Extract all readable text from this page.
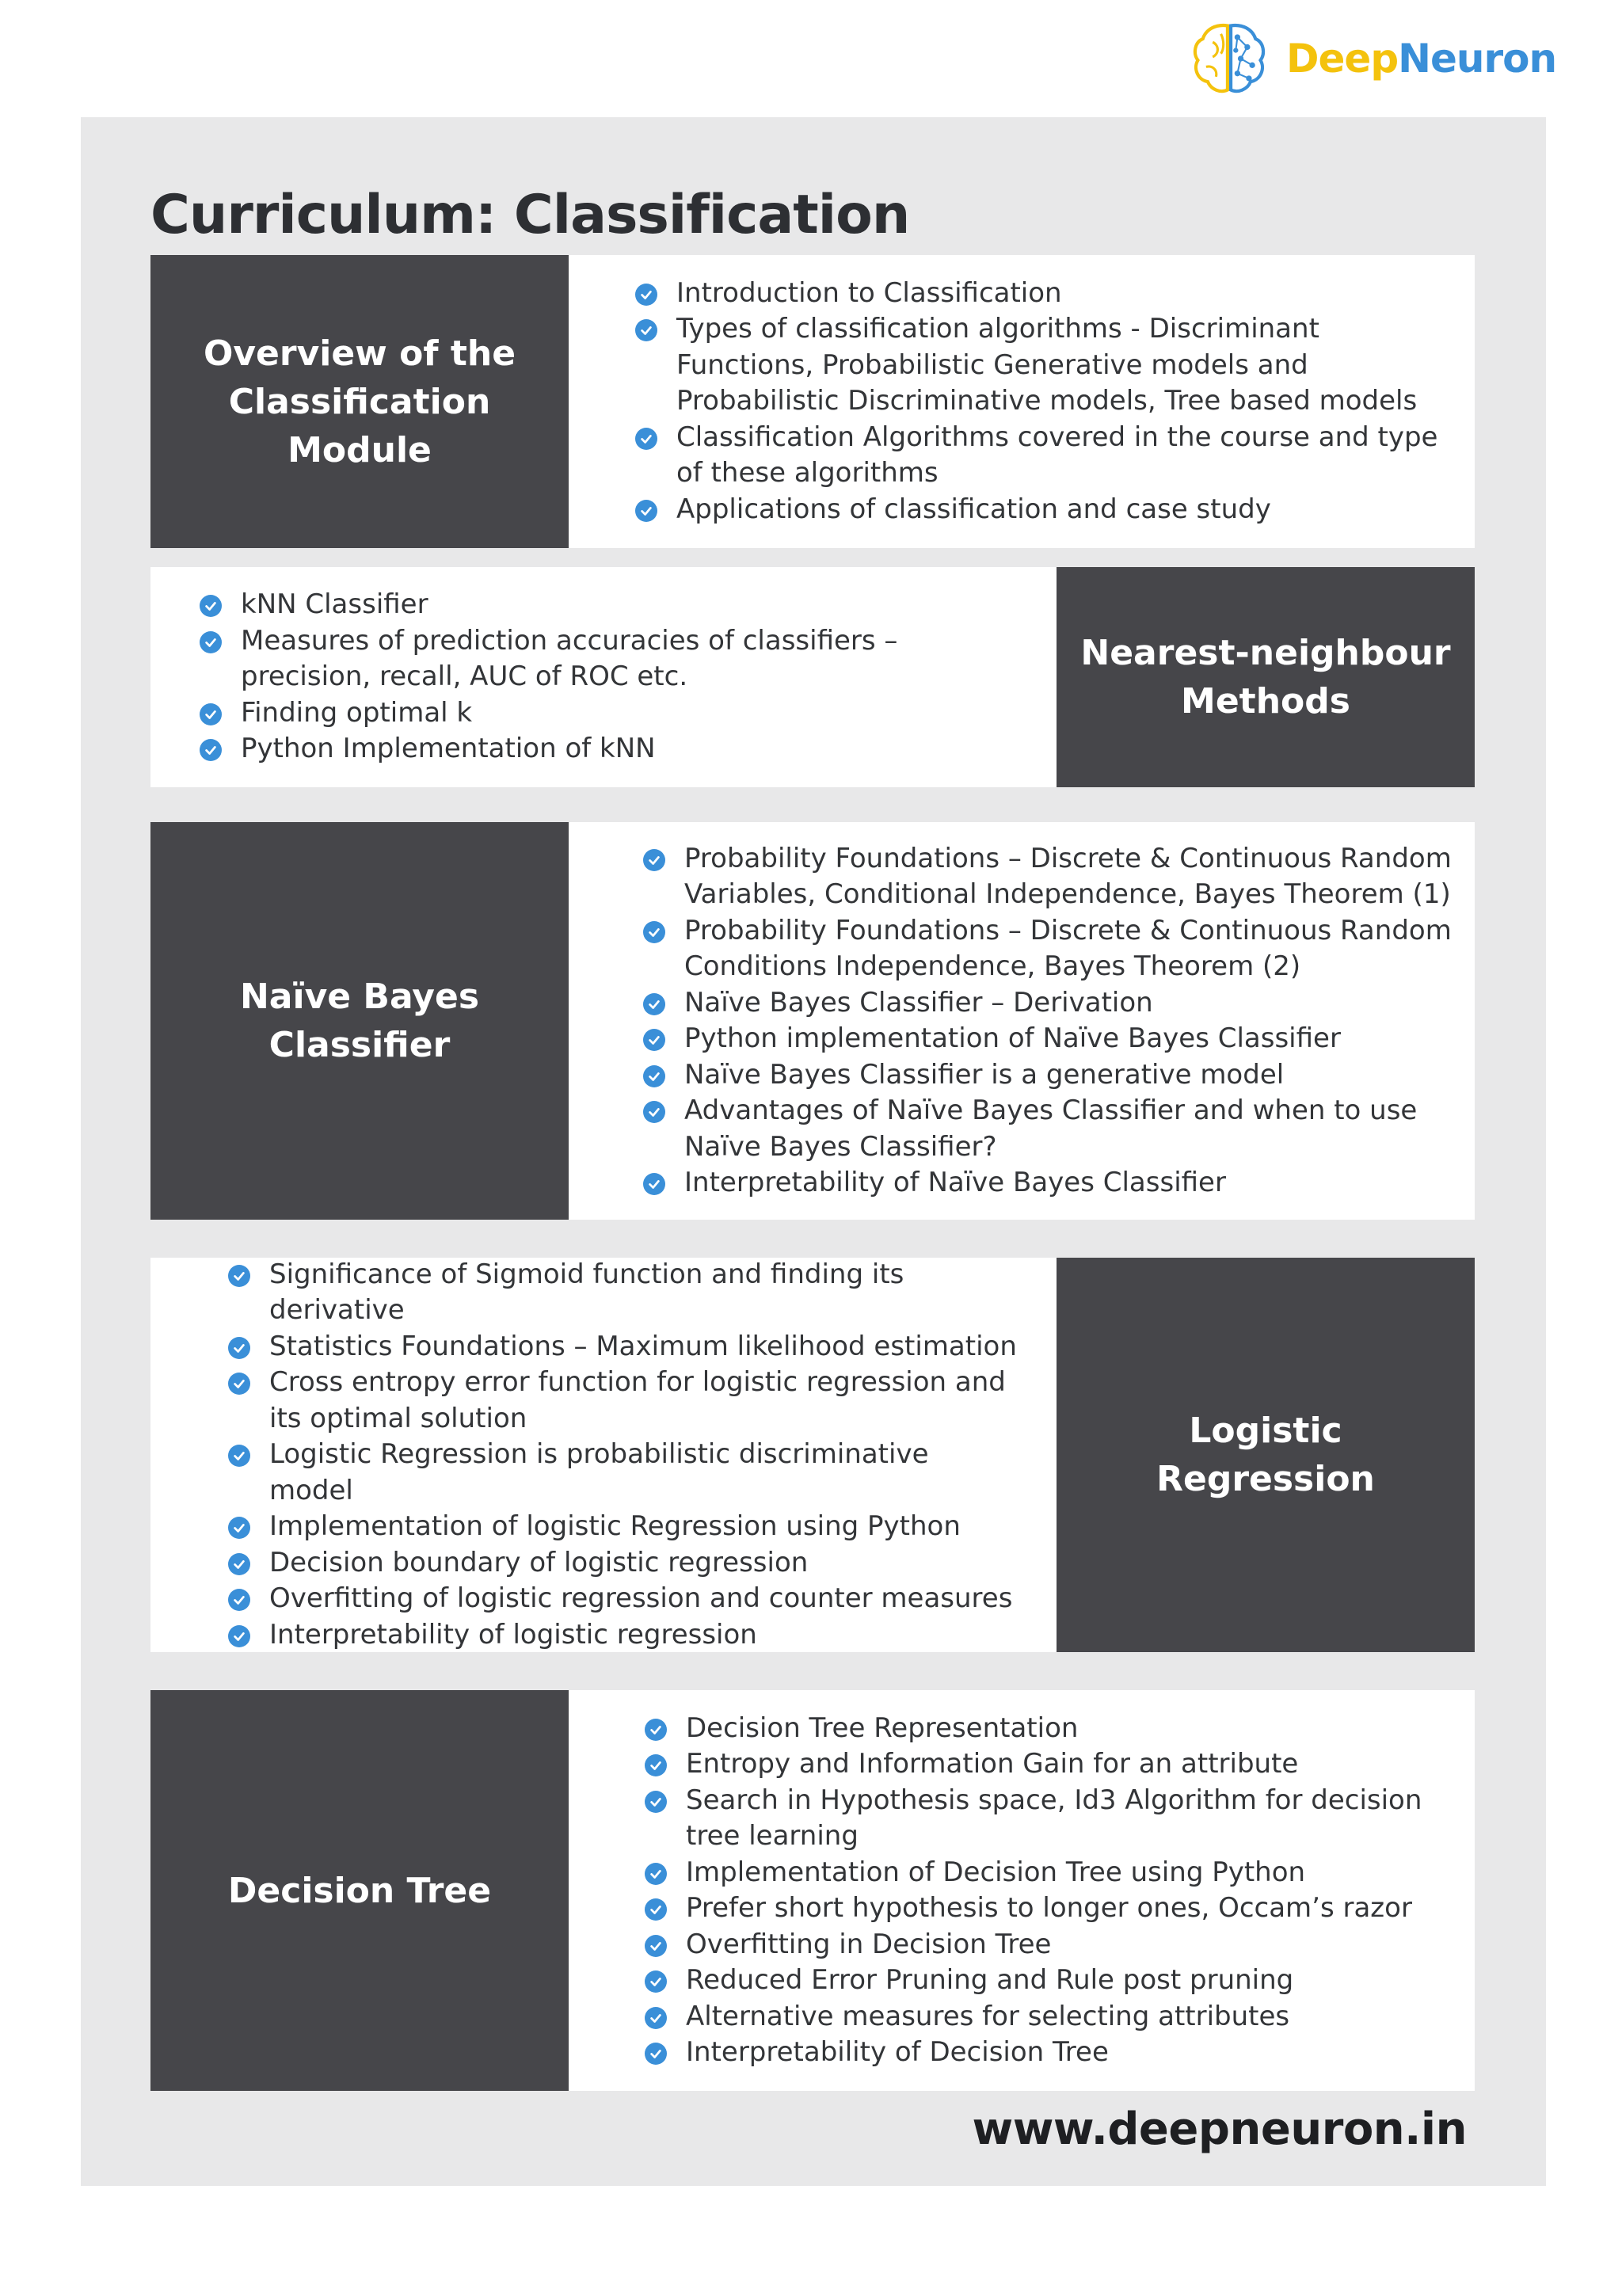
DeepNeuron
Curriculum: Classification
Overview of the
Classification
Module
Introduction to Classification
Types of classification algorithms - Discriminant Functions, Probabilistic Generative models and Probabilistic Discriminative models, Tree based models
Classification Algorithms covered in the course and type of these algorithms
Applications of classification and case study
Nearest-neighbour
Methods
kNN Classifier
Measures of prediction accuracies of classifiers – precision, recall, AUC of ROC etc.
Finding optimal k
Python Implementation of kNN
Naïve Bayes
Classifier
Probability Foundations – Discrete & Continuous Random Variables, Conditional Independence, Bayes Theorem (1)
Probability Foundations – Discrete & Continuous Random Conditions Independence, Bayes Theorem (2)
Naïve Bayes Classifier – Derivation
Python implementation of Naïve Bayes Classifier
Naïve Bayes Classifier is a generative model
Advantages of Naïve Bayes Classifier and when to use Naïve Bayes Classifier?
Interpretability of Naïve Bayes Classifier
Logistic
Regression
Significance of Sigmoid function and finding its derivative
Statistics Foundations – Maximum likelihood estimation
Cross entropy error function for logistic regression and its optimal solution
Logistic Regression is probabilistic discriminative model
Implementation of logistic Regression using Python
Decision boundary of logistic regression
Overfitting of logistic regression and counter measures
Interpretability of logistic regression
Decision Tree
Decision Tree Representation
Entropy and Information Gain for an attribute
Search in Hypothesis space, Id3 Algorithm for decision tree learning
Implementation of Decision Tree using Python
Prefer short hypothesis to longer ones, Occam’s razor
Overfitting in Decision Tree
Reduced Error Pruning and Rule post pruning
Alternative measures for selecting attributes
Interpretability of Decision Tree

www.deepneuron.in
